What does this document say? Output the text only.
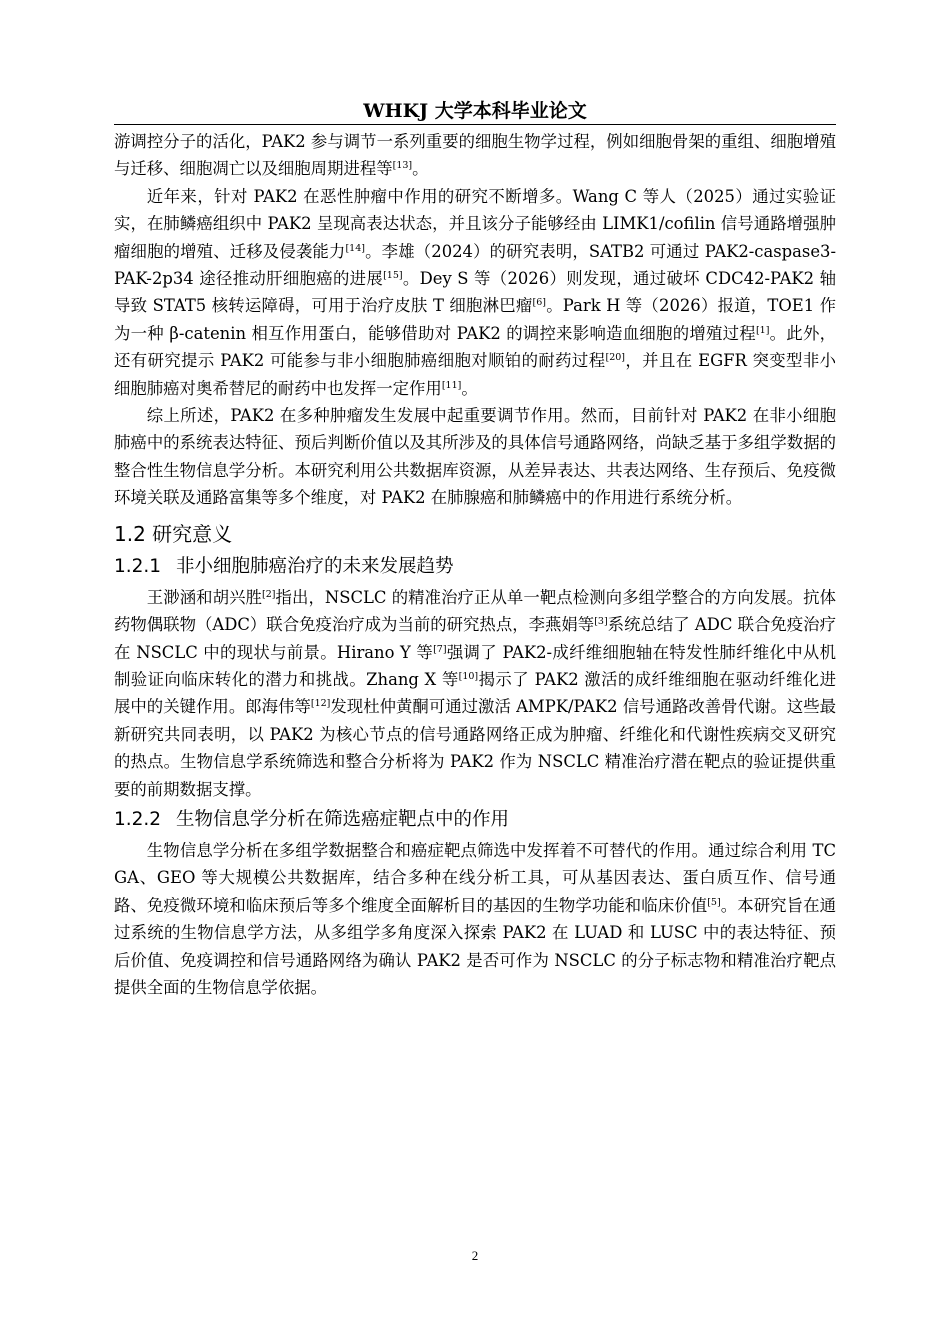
WHKJ 大学本科毕业论文

游调控分子的活化，PAK2 参与调节一系列重要的细胞生物学过程，例如细胞骨架的重组、细胞增殖与迁移、细胞凋亡以及细胞周期进程等[13]。

近年来，针对 PAK2 在恶性肿瘤中作用的研究不断增多。Wang C 等人（2025）通过实验证实，在肺鳞癌组织中 PAK2 呈现高表达状态，并且该分子能够经由 LIMK1/cofilin 信号通路增强肿瘤细胞的增殖、迁移及侵袭能力[14]。李雄（2024）的研究表明，SATB2 可通过 PAK2-caspase3-PAK-2p34 途径推动肝细胞癌的进展[15]。Dey S 等（2026）则发现，通过破坏 CDC42-PAK2 轴导致 STAT5 核转运障碍，可用于治疗皮肤 T 细胞淋巴瘤[6]。Park H 等（2026）报道，TOE1 作为一种 β-catenin 相互作用蛋白，能够借助对 PAK2 的调控来影响造血细胞的增殖过程[1]。此外，还有研究提示 PAK2 可能参与非小细胞肺癌细胞对顺铂的耐药过程[20]，并且在 EGFR 突变型非小细胞肺癌对奥希替尼的耐药中也发挥一定作用[11]。

综上所述，PAK2 在多种肿瘤发生发展中起重要调节作用。然而，目前针对 PAK2 在非小细胞肺癌中的系统表达特征、预后判断价值以及其所涉及的具体信号通路网络，尚缺乏基于多组学数据的整合性生物信息学分析。本研究利用公共数据库资源，从差异表达、共表达网络、生存预后、免疫微环境关联及通路富集等多个维度，对 PAK2 在肺腺癌和肺鳞癌中的作用进行系统分析。

1.2 研究意义
1.2.1 非小细胞肺癌治疗的未来发展趋势

王渺涵和胡兴胜[2]指出，NSCLC 的精准治疗正从单一靶点检测向多组学整合的方向发展。抗体药物偶联物（ADC）联合免疫治疗成为当前的研究热点，李燕娟等[3]系统总结了 ADC 联合免疫治疗在 NSCLC 中的现状与前景。Hirano Y 等[7]强调了 PAK2-成纤维细胞轴在特发性肺纤维化中从机制验证向临床转化的潜力和挑战。Zhang X 等[10]揭示了 PAK2 激活的成纤维细胞在驱动纤维化进展中的关键作用。郎海伟等[12]发现杜仲黄酮可通过激活 AMPK/PAK2 信号通路改善骨代谢。这些最新研究共同表明，以 PAK2 为核心节点的信号通路网络正成为肿瘤、纤维化和代谢性疾病交叉研究的热点。生物信息学系统筛选和整合分析将为 PAK2 作为 NSCLC 精准治疗潜在靶点的验证提供重要的前期数据支撑。

1.2.2 生物信息学分析在筛选癌症靶点中的作用

生物信息学分析在多组学数据整合和癌症靶点筛选中发挥着不可替代的作用。通过综合利用 TCGA、GEO 等大规模公共数据库，结合多种在线分析工具，可从基因表达、蛋白质互作、信号通路、免疫微环境和临床预后等多个维度全面解析目的基因的生物学功能和临床价值[5]。本研究旨在通过系统的生物信息学方法，从多组学多角度深入探索 PAK2 在 LUAD 和 LUSC 中的表达特征、预后价值、免疫调控和信号通路网络为确认 PAK2 是否可作为 NSCLC 的分子标志物和精准治疗靶点提供全面的生物信息学依据。

2
